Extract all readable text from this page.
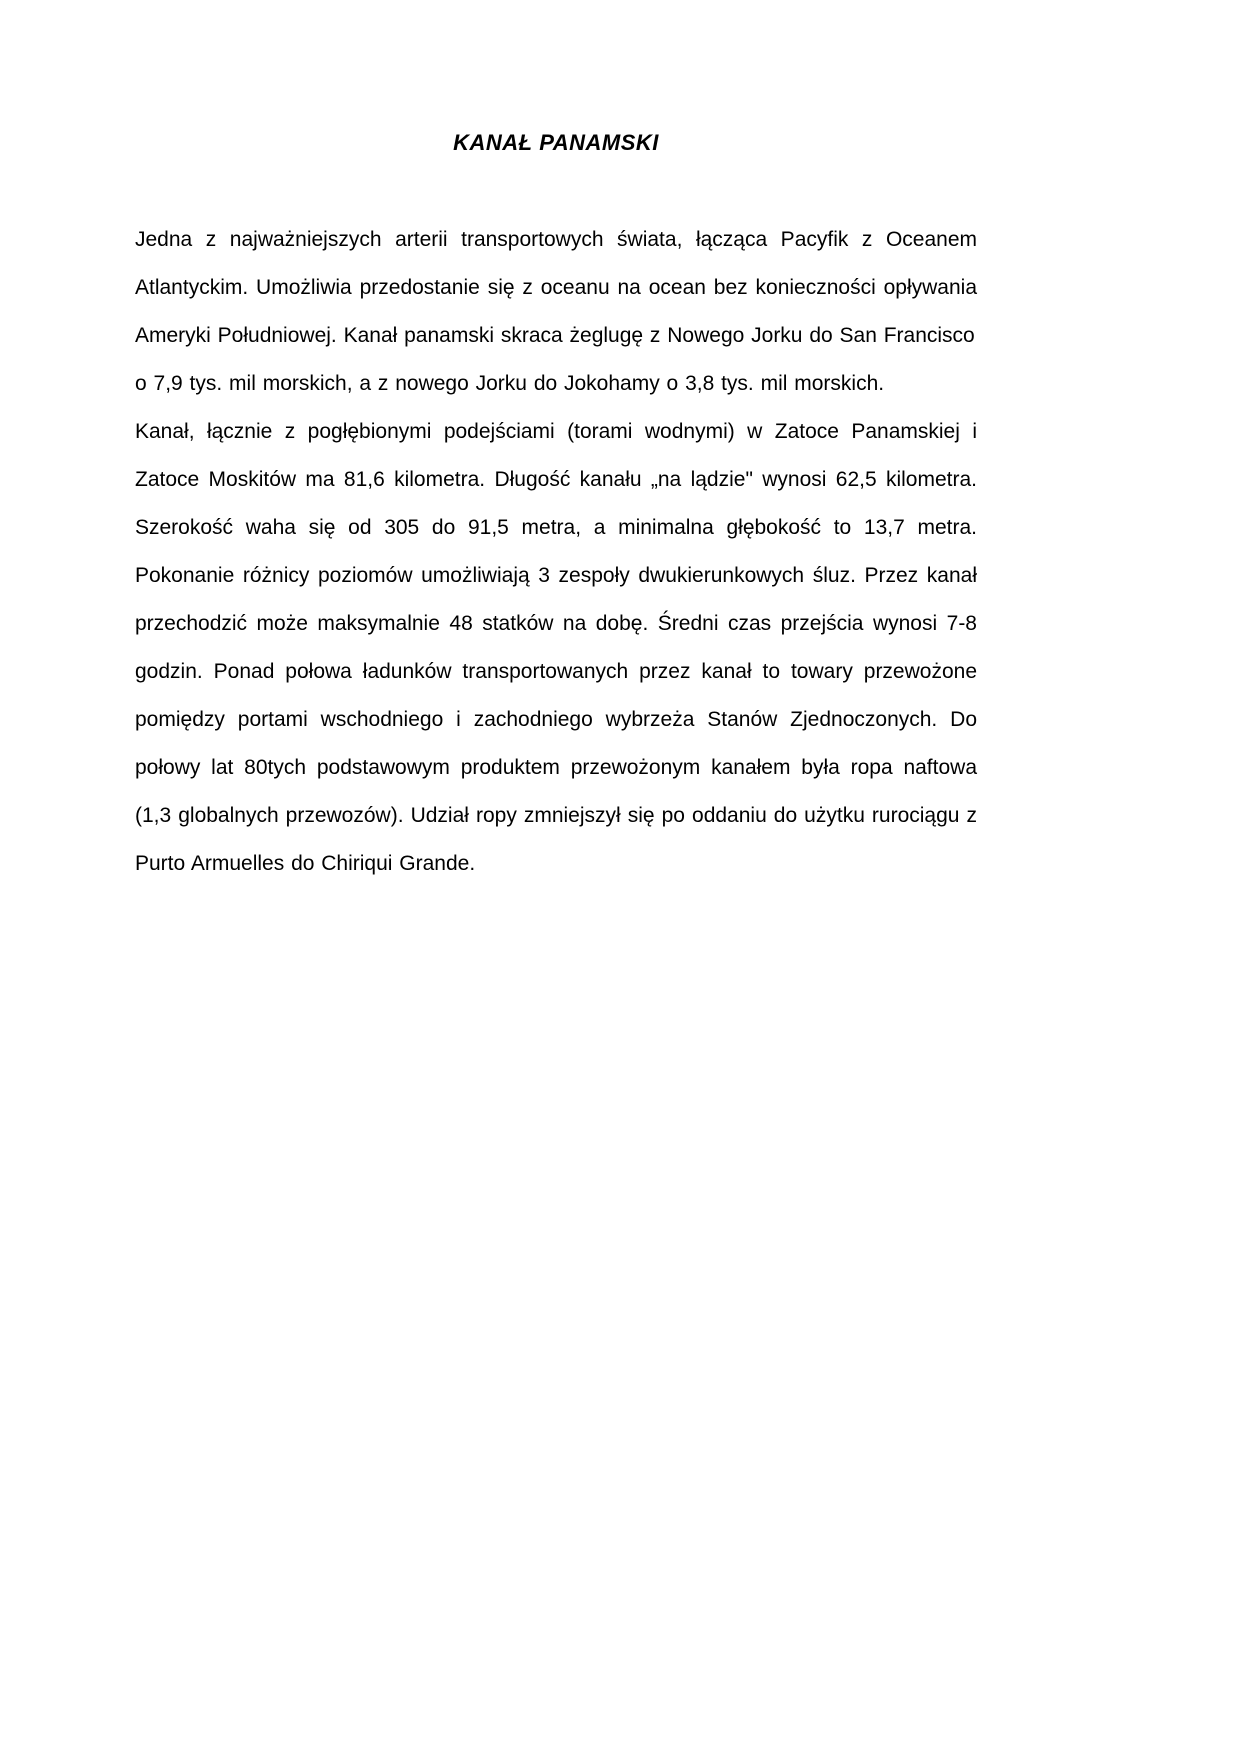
KANAŁ PANAMSKI

Jedna z najważniejszych arterii transportowych świata, łącząca Pacyfik z Oceanem Atlantyckim. Umożliwia przedostanie się z oceanu na ocean bez konieczności opływania Ameryki Południowej. Kanał panamski skraca żeglugę z Nowego Jorku do San Francisco

o 7,9 tys. mil morskich, a z nowego Jorku do Jokohamy o 3,8 tys. mil morskich.

Kanał, łącznie z pogłębionymi podejściami (torami wodnymi) w Zatoce Panamskiej i Zatoce Moskitów ma 81,6 kilometra. Długość kanału „na lądzie" wynosi 62,5 kilometra. Szerokość waha się od 305 do 91,5 metra, a minimalna głębokość to 13,7 metra. Pokonanie różnicy poziomów umożliwiają 3 zespoły dwukierunkowych śluz. Przez kanał przechodzić może maksymalnie 48 statków na dobę. Średni czas przejścia wynosi 7-8 godzin. Ponad połowa ładunków transportowanych przez kanał to towary przewożone pomiędzy portami wschodniego i zachodniego wybrzeża Stanów Zjednoczonych. Do połowy lat 80tych podstawowym produktem przewożonym kanałem była ropa naftowa (1,3 globalnych przewozów). Udział ropy zmniejszył się po oddaniu do użytku rurociągu z Purto Armuelles do Chiriqui Grande.
